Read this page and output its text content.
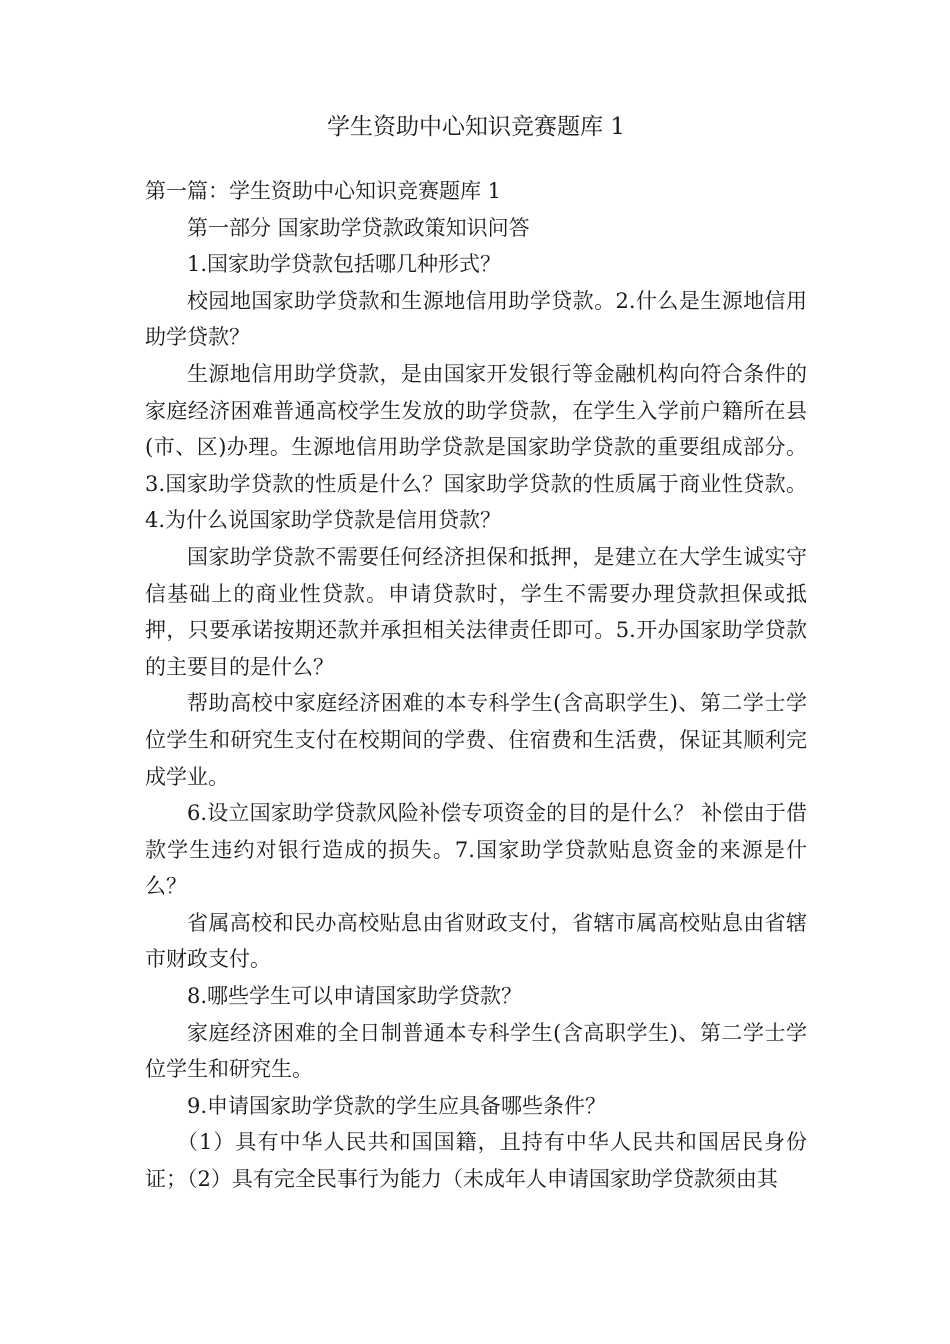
学生资助中心知识竞赛题库 1

第一篇：学生资助中心知识竞赛题库 1

第一部分 国家助学贷款政策知识问答

1.国家助学贷款包括哪几种形式？

校园地国家助学贷款和生源地信用助学贷款。2.什么是生源地信用助学贷款？

生源地信用助学贷款，是由国家开发银行等金融机构向符合条件的家庭经济困难普通高校学生发放的助学贷款，在学生入学前户籍所在县(市、区)办理。生源地信用助学贷款是国家助学贷款的重要组成部分。3.国家助学贷款的性质是什么？国家助学贷款的性质属于商业性贷款。4.为什么说国家助学贷款是信用贷款？

国家助学贷款不需要任何经济担保和抵押，是建立在大学生诚实守信基础上的商业性贷款。申请贷款时，学生不需要办理贷款担保或抵押，只要承诺按期还款并承担相关法律责任即可。5.开办国家助学贷款的主要目的是什么？

帮助高校中家庭经济困难的本专科学生(含高职学生)、第二学士学位学生和研究生支付在校期间的学费、住宿费和生活费，保证其顺利完成学业。

6.设立国家助学贷款风险补偿专项资金的目的是什么？ 补偿由于借款学生违约对银行造成的损失。7.国家助学贷款贴息资金的来源是什么？

省属高校和民办高校贴息由省财政支付，省辖市属高校贴息由省辖市财政支付。

8.哪些学生可以申请国家助学贷款？

家庭经济困难的全日制普通本专科学生(含高职学生)、第二学士学位学生和研究生。

9.申请国家助学贷款的学生应具备哪些条件？

（1）具有中华人民共和国国籍，且持有中华人民共和国居民身份证；（2）具有完全民事行为能力（未成年人申请国家助学贷款须由其
